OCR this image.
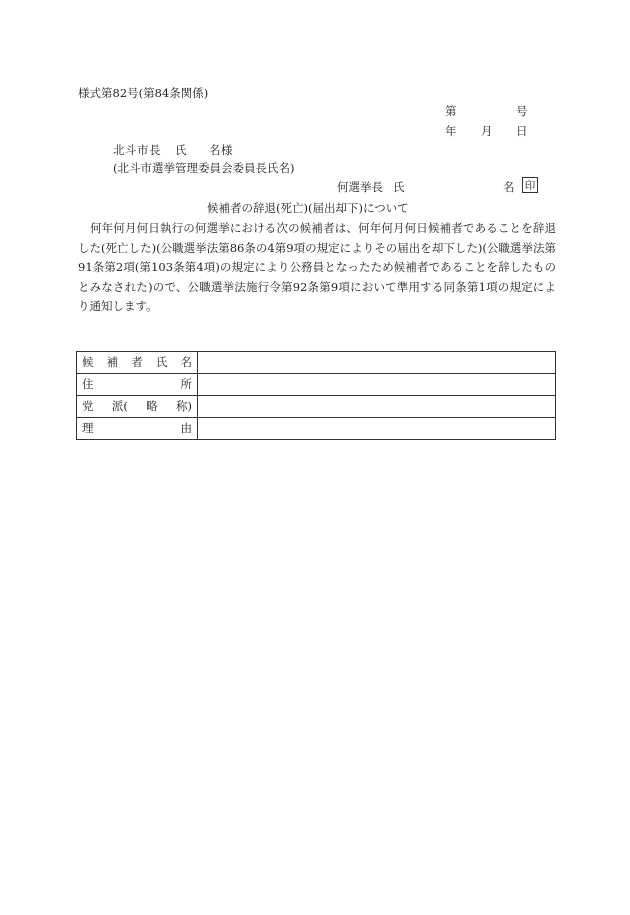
様式第82号(第84条関係)
第	号
年 月 日
北斗市長 氏 名様
(北斗市選挙管理委員会委員長氏名)
何選挙長 氏	名 印
候補者の辞退(死亡)(届出却下)について
何年何月何日執行の何選挙における次の候補者は、何年何月何日候補者であることを辞退した(死亡した)(公職選挙法第86条の4第9項の規定によりその届出を却下した)(公職選挙法第91条第2項(第103条第4項)の規定により公務員となったため候補者であることを辞したものとみなされた)ので、公職選挙法施行令第92条第9項において準用する同条第1項の規定により通知します。
候 補 者 氏 名	

住 所	

党 派( 略 称)	

理 由	
